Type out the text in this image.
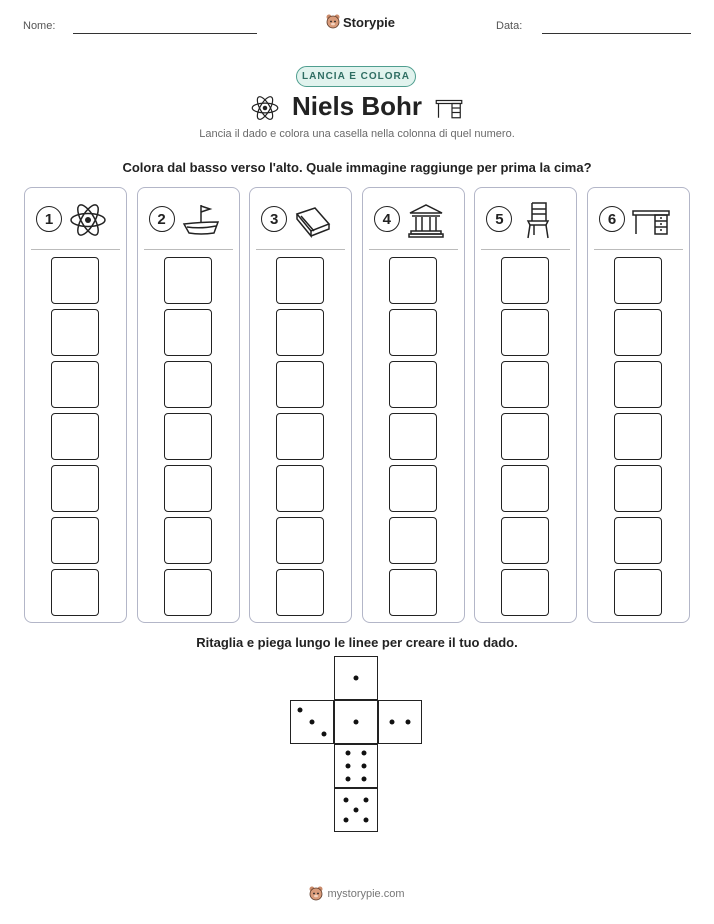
Nome:	Storypie	Data:
LANCIA E COLORA
Niels Bohr
Lancia il dado e colora una casella nella colonna di quel numero.
Colora dal basso verso l'alto. Quale immagine raggiunge per prima la cima?
1	2	3	4	5	6
Ritaglia e piega lungo le linee per creare il tuo dado.
mystorypie.com
